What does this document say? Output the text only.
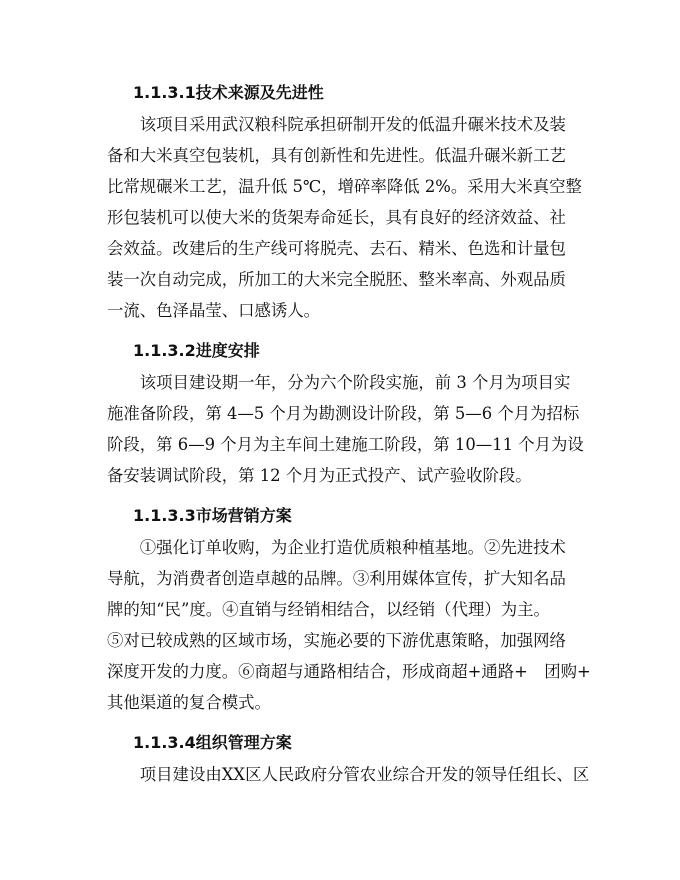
1.1.3.1技术来源及先进性
　　该项目采用武汉粮科院承担研制开发的低温升碾米技术及装
备和大米真空包装机，具有创新性和先进性。低温升碾米新工艺
比常规碾米工艺，温升低 5℃，增碎率降低 2%。采用大米真空整
形包装机可以使大米的货架寿命延长，具有良好的经济效益、社
会效益。改建后的生产线可将脱壳、去石、精米、色选和计量包
装一次自动完成，所加工的大米完全脱胚、整米率高、外观品质
一流、色泽晶莹、口感诱人。
1.1.3.2进度安排
　　该项目建设期一年，分为六个阶段实施，前 3 个月为项目实
施准备阶段，第 4—5 个月为勘测设计阶段，第 5—6 个月为招标
阶段，第 6—9 个月为主车间土建施工阶段，第 10—11 个月为设
备安装调试阶段，第 12 个月为正式投产、试产验收阶段。
1.1.3.3市场营销方案
　　①强化订单收购，为企业打造优质粮种植基地。②先进技术
导航，为消费者创造卓越的品牌。③利用媒体宣传，扩大知名品
牌的知“民”度。④直销与经销相结合，以经销（代理）为主。
⑤对已较成熟的区域市场，实施必要的下游优惠策略，加强网络
深度开发的力度。⑥商超与通路相结合，形成商超+通路+　团购+
其他渠道的复合模式。
1.1.3.4组织管理方案
　　项目建设由XX区人民政府分管农业综合开发的领导任组长、区
